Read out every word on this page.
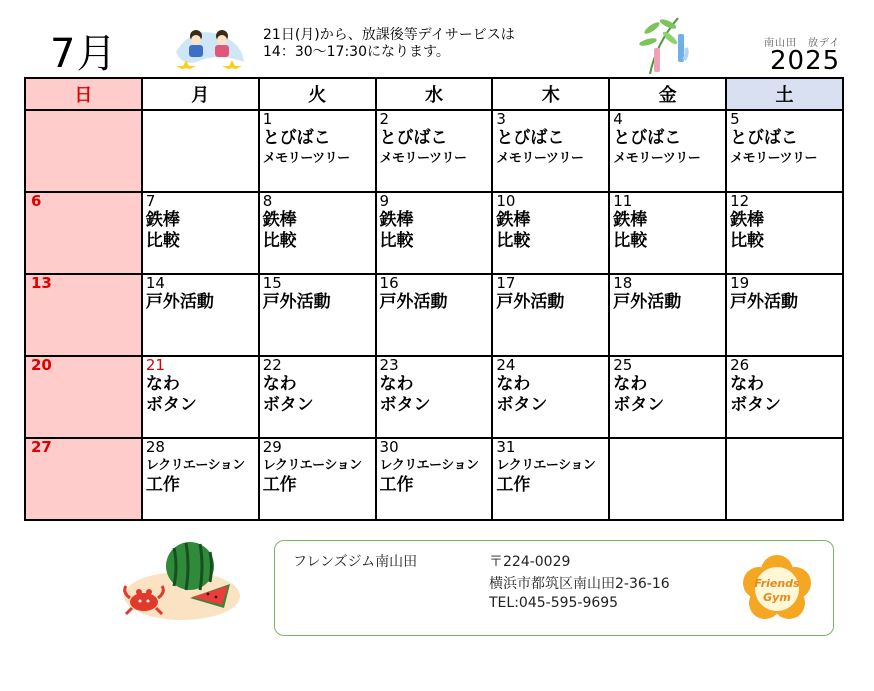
7月	21日(月)から、放課後等デイサービスは
14：30〜17:30になります。
南山田　放デイ
2025
日	月	火	水	木	金	土

		1
とびばこ
メモリーツリー	2
とびばこ
メモリーツリー	3
とびばこ
メモリーツリー	4
とびばこ
メモリーツリー	5
とびばこ
メモリーツリー

6	7
鉄棒
比較	8
鉄棒
比較	9
鉄棒
比較	10
鉄棒
比較	11
鉄棒
比較	12
鉄棒
比較

13	14
戸外活動	15
戸外活動	16
戸外活動	17
戸外活動	18
戸外活動	19
戸外活動

20	21
なわ
ボタン	22
なわ
ボタン	23
なわ
ボタン	24
なわ
ボタン	25
なわ
ボタン	26
なわ
ボタン

27	28
レクリエーション
工作	29
レクリエーション
工作	30
レクリエーション
工作	31
レクリエーション
工作		

フレンズジム南山田	〒224-0029
横浜市都筑区南山田2-36-16
TEL:045-595-9695
Friends
Gym
